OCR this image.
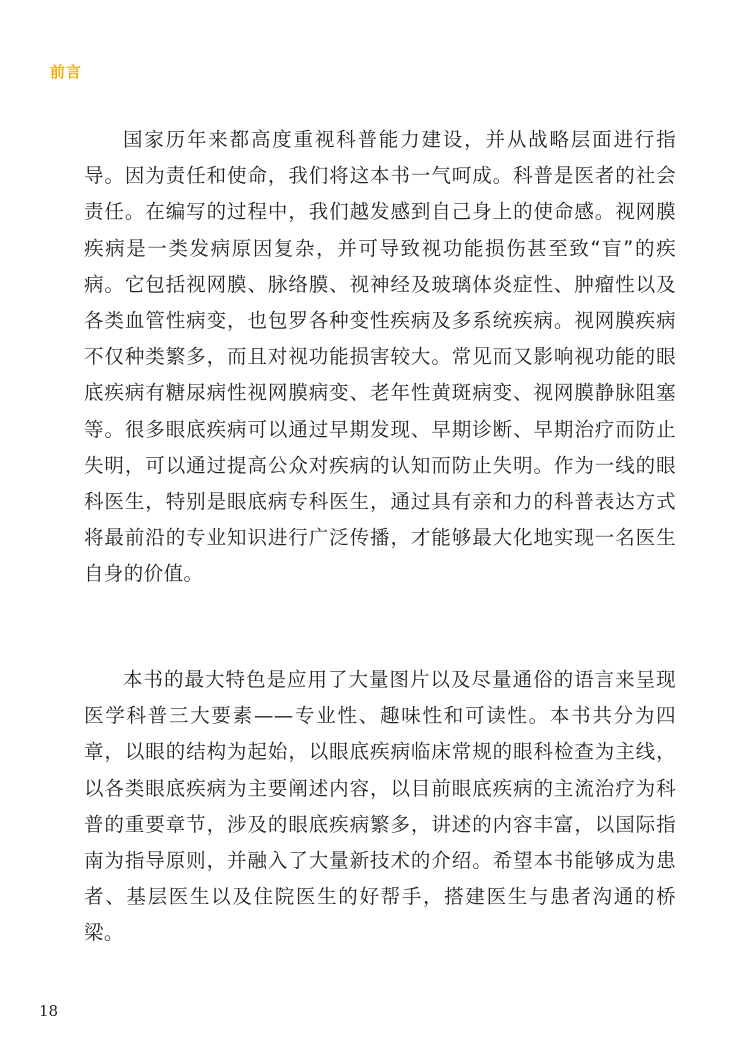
前言

国家历年来都高度重视科普能力建设，并从战略层面进行指导。因为责任和使命，我们将这本书一气呵成。科普是医者的社会责任。在编写的过程中，我们越发感到自己身上的使命感。视网膜疾病是一类发病原因复杂，并可导致视功能损伤甚至致“盲”的疾病。它包括视网膜、脉络膜、视神经及玻璃体炎症性、肿瘤性以及各类血管性病变，也包罗各种变性疾病及多系统疾病。视网膜疾病不仅种类繁多，而且对视功能损害较大。常见而又影响视功能的眼底疾病有糖尿病性视网膜病变、老年性黄斑病变、视网膜静脉阻塞等。很多眼底疾病可以通过早期发现、早期诊断、早期治疗而防止失明，可以通过提高公众对疾病的认知而防止失明。作为一线的眼科医生，特别是眼底病专科医生，通过具有亲和力的科普表达方式将最前沿的专业知识进行广泛传播，才能够最大化地实现一名医生自身的价值。

本书的最大特色是应用了大量图片以及尽量通俗的语言来呈现医学科普三大要素——专业性、趣味性和可读性。本书共分为四章，以眼的结构为起始，以眼底疾病临床常规的眼科检查为主线，以各类眼底疾病为主要阐述内容，以目前眼底疾病的主流治疗为科普的重要章节，涉及的眼底疾病繁多，讲述的内容丰富，以国际指南为指导原则，并融入了大量新技术的介绍。希望本书能够成为患者、基层医生以及住院医生的好帮手，搭建医生与患者沟通的桥梁。

18
